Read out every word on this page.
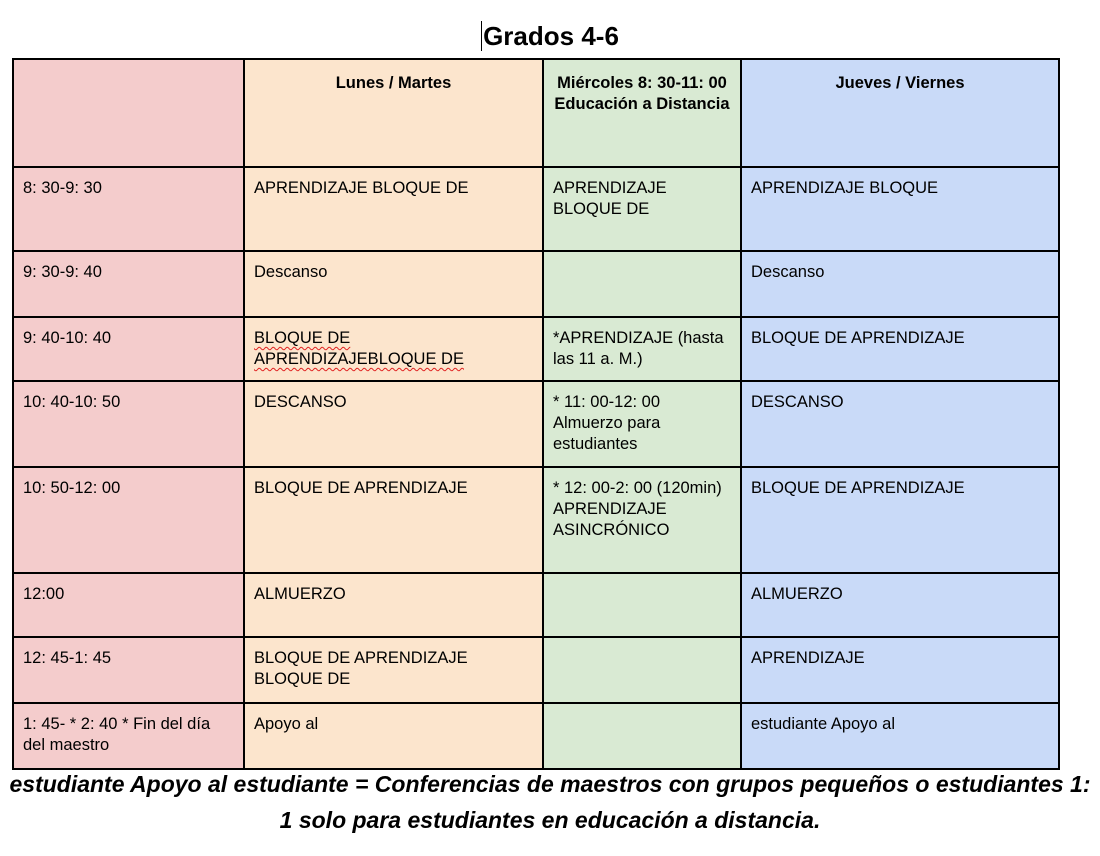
Grados 4-6
	Lunes / Martes	Miércoles 8: 30-11: 00 Educación a Distancia	Jueves / Viernes
8: 30-9: 30	APRENDIZAJE BLOQUE DE	APRENDIZAJE BLOQUE DE	APRENDIZAJE BLOQUE
9: 30-9: 40	Descanso		Descanso
9: 40-10: 40	BLOQUE DE APRENDIZAJEBLOQUE DE	*APRENDIZAJE (hasta las 11 a. M.)	BLOQUE DE APRENDIZAJE
10: 40-10: 50	DESCANSO	* 11: 00-12: 00 Almuerzo para estudiantes	DESCANSO
10: 50-12: 00	BLOQUE DE APRENDIZAJE	* 12: 00-2: 00 (120min) APRENDIZAJE ASINCRÓNICO	BLOQUE DE APRENDIZAJE
12:00	ALMUERZO		ALMUERZO
12: 45-1: 45	BLOQUE DE APRENDIZAJE BLOQUE DE		APRENDIZAJE
1: 45- * 2: 40 * Fin del día del maestro	Apoyo al		estudiante Apoyo al
estudiante Apoyo al estudiante = Conferencias de maestros con grupos pequeños o estudiantes 1: 1 solo para estudiantes en educación a distancia.
